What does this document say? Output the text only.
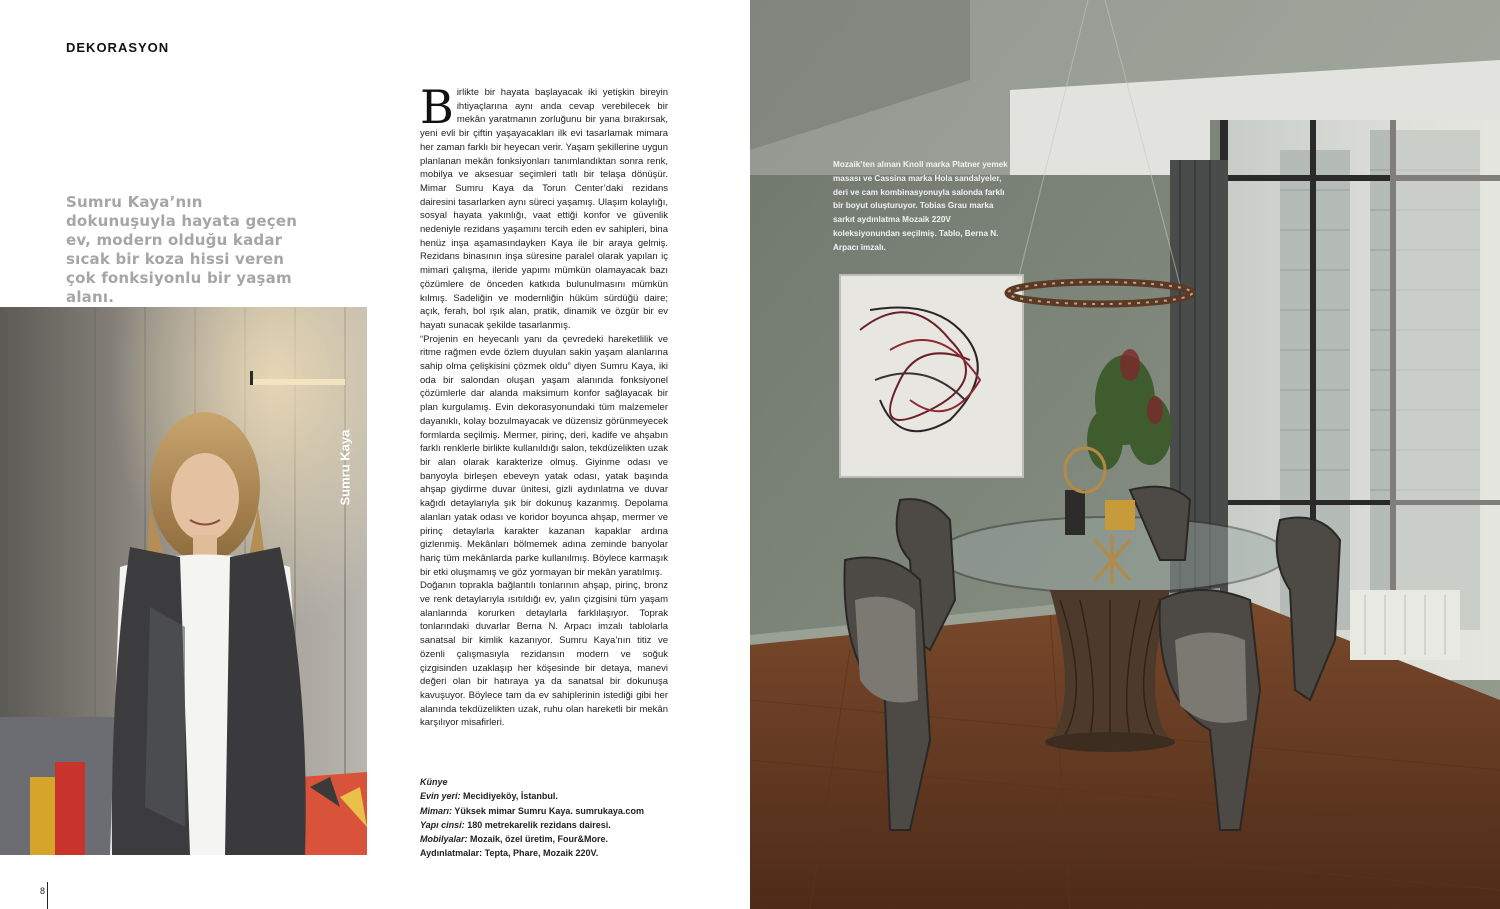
DEKORASYON
Sumru Kaya’nın dokunuşuyla hayata geçen ev, modern olduğu kadar sıcak bir koza hissi veren çok fonksiyonlu bir yaşam alanı.
Sumru Kaya

Birlikte bir hayata başlayacak iki yetişkin bireyin ihtiyaçlarına aynı anda cevap verebilecek bir mekân yaratmanın zorluğunu bir yana bırakırsak, yeni evli bir çiftin yaşayacakları ilk evi tasarlamak mimara her zaman farklı bir heyecan verir. Yaşam şekillerine uygun planlanan mekân fonksiyonları tanımlandıktan sonra renk, mobilya ve aksesuar seçimleri tatlı bir telaşa dönüşür. Mimar Sumru Kaya da Torun Center’daki rezidans dairesini tasarlarken aynı süreci yaşamış. Ulaşım kolaylığı, sosyal hayata yakınlığı, vaat ettiği konfor ve güvenlik nedeniyle rezidans yaşamını tercih eden ev sahipleri, bina henüz inşa aşamasındayken Kaya ile bir araya gelmiş. Rezidans binasının inşa süresine paralel olarak yapılan iç mimari çalışma, ileride yapımı mümkün olamayacak bazı çözümlere de önceden katkıda bulunulmasını mümkün kılmış. Sadeliğin ve modernliğin hüküm sürdüğü daire; açık, ferah, bol ışık alan, pratik, dinamik ve özgür bir ev hayatı sunacak şekilde tasarlanmış.

“Projenin en heyecanlı yanı da çevredeki hareketlilik ve ritme rağmen evde özlem duyulan sakin yaşam alanlarına sahip olma çelişkisini çözmek oldu” diyen Sumru Kaya, iki oda bir salondan oluşan yaşam alanında fonksiyonel çözümlerle dar alanda maksimum konfor sağlayacak bir plan kurgulamış. Evin dekorasyonundaki tüm malzemeler dayanıklı, kolay bozulmayacak ve düzensiz görünmeyecek formlarda seçilmiş. Mermer, pirinç, deri, kadife ve ahşabın farklı renklerle birlikte kullanıldığı salon, tekdüzelikten uzak bir alan olarak karakterize olmuş. Giyinme odası ve banyoyla birleşen ebeveyn yatak odası, yatak başında ahşap giydirme duvar ünitesi, gizli aydınlatma ve duvar kağıdı detaylarıyla şık bir dokunuş kazanmış. Depolama alanları yatak odası ve koridor boyunca ahşap, mermer ve pirinç detaylarla karakter kazanan kapaklar ardına gizlenmiş. Mekânları bölmemek adına zeminde banyolar hariç tüm mekânlarda parke kullanılmış. Böylece karmaşık bir etki oluşmamış ve göz yormayan bir mekân yaratılmış.

Doğanın toprakla bağlantılı tonlarının ahşap, pirinç, bronz ve renk detaylarıyla ısıtıldığı ev, yalın çizgisini tüm yaşam alanlarında korurken detaylarla farklılaşıyor. Toprak tonlarındaki duvarlar Berna N. Arpacı imzalı tablolarla sanatsal bir kimlik kazanıyor. Sumru Kaya’nın titiz ve özenli çalışmasıyla rezidansın modern ve soğuk çizgisinden uzaklaşıp her köşesinde bir detaya, manevi değeri olan bir hatıraya ya da sanatsal bir dokunuşa kavuşuyor. Böylece tam da ev sahiplerinin istediği gibi her alanında tekdüzelikten uzak, ruhu olan hareketli bir mekân karşılıyor misafirleri.

Künye
Evin yeri: Mecidiyeköy, İstanbul.
Mimarı: Yüksek mimar Sumru Kaya. sumrukaya.com
Yapı cinsi: 180 metrekarelik rezidans dairesi.
Mobilyalar: Mozaik, özel üretim, Four&More. Aydınlatmalar: Tepta, Phare, Mozaik 220V.
8
Mozaik’ten alınan Knoll marka Platner yemek masası ve Cassina marka Hola sandalyeler, deri ve cam kombinasyonuyla salonda farklı bir boyut oluşturuyor. Tobias Grau marka sarkıt aydınlatma Mozaik 220V koleksiyonundan seçilmiş. Tablo, Berna N. Arpacı imzalı.
